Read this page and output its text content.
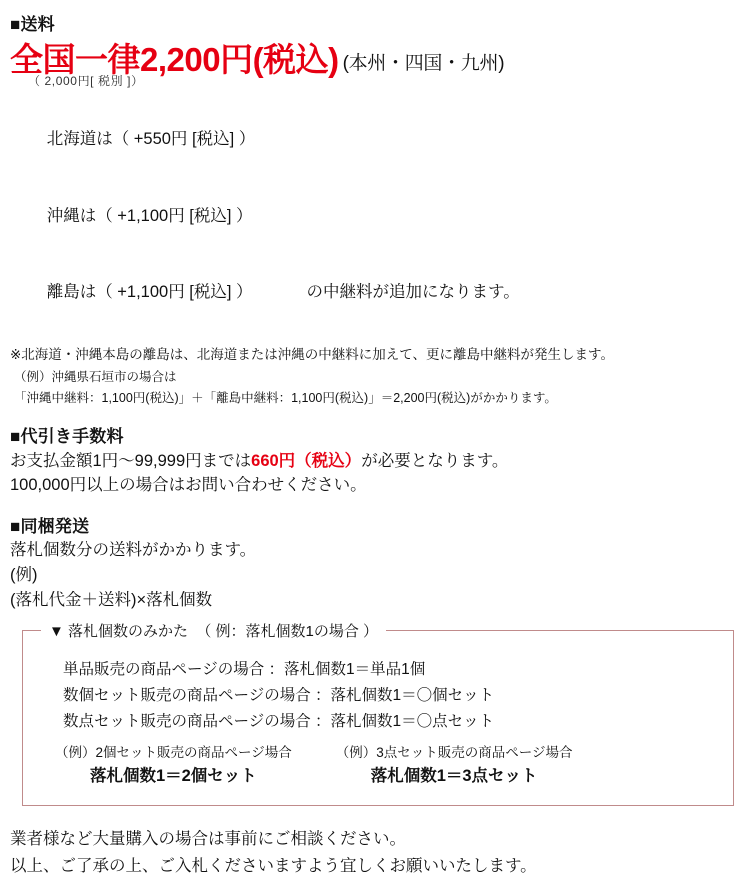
■送料
全国一律2,200円(税込) (本州・四国・九州)
（ 2,000円[ 税別 ]）

北海道は（ +550円 [税込] ）

沖縄は（ +1,100円 [税込] ）

離島は（ +1,100円 [税込] ）	の中継料が追加になります。

※北海道・沖縄本島の離島は、北海道または沖縄の中継料に加えて、更に離島中継料が発生します。
（例）沖縄県石垣市の場合は
「沖縄中継料：1,100円(税込)」＋「離島中継料：1,100円(税込)」＝2,200円(税込)がかかります。
■代引き手数料
お支払金額1円～99,999円までは660円（税込）が必要となります。
100,000円以上の場合はお問い合わせください。
■同梱発送
落札個数分の送料がかかります。
(例)
(落札代金＋送料)×落札個数
▼ 落札個数のみかた  （ 例：落札個数1の場合 ）
単品販売の商品ページの場合 ：落札個数1＝単品1個
数個セット販売の商品ページの場合 ：落札個数1＝〇個セット
数点セット販売の商品ページの場合 ：落札個数1＝〇点セット
（例）2個セット販売の商品ページ場合
落札個数1＝2個セット
（例）3点セット販売の商品ページ場合
落札個数1＝3点セット
業者様など大量購入の場合は事前にご相談ください。
以上、ご了承の上、ご入札くださいますよう宜しくお願いいたします。
